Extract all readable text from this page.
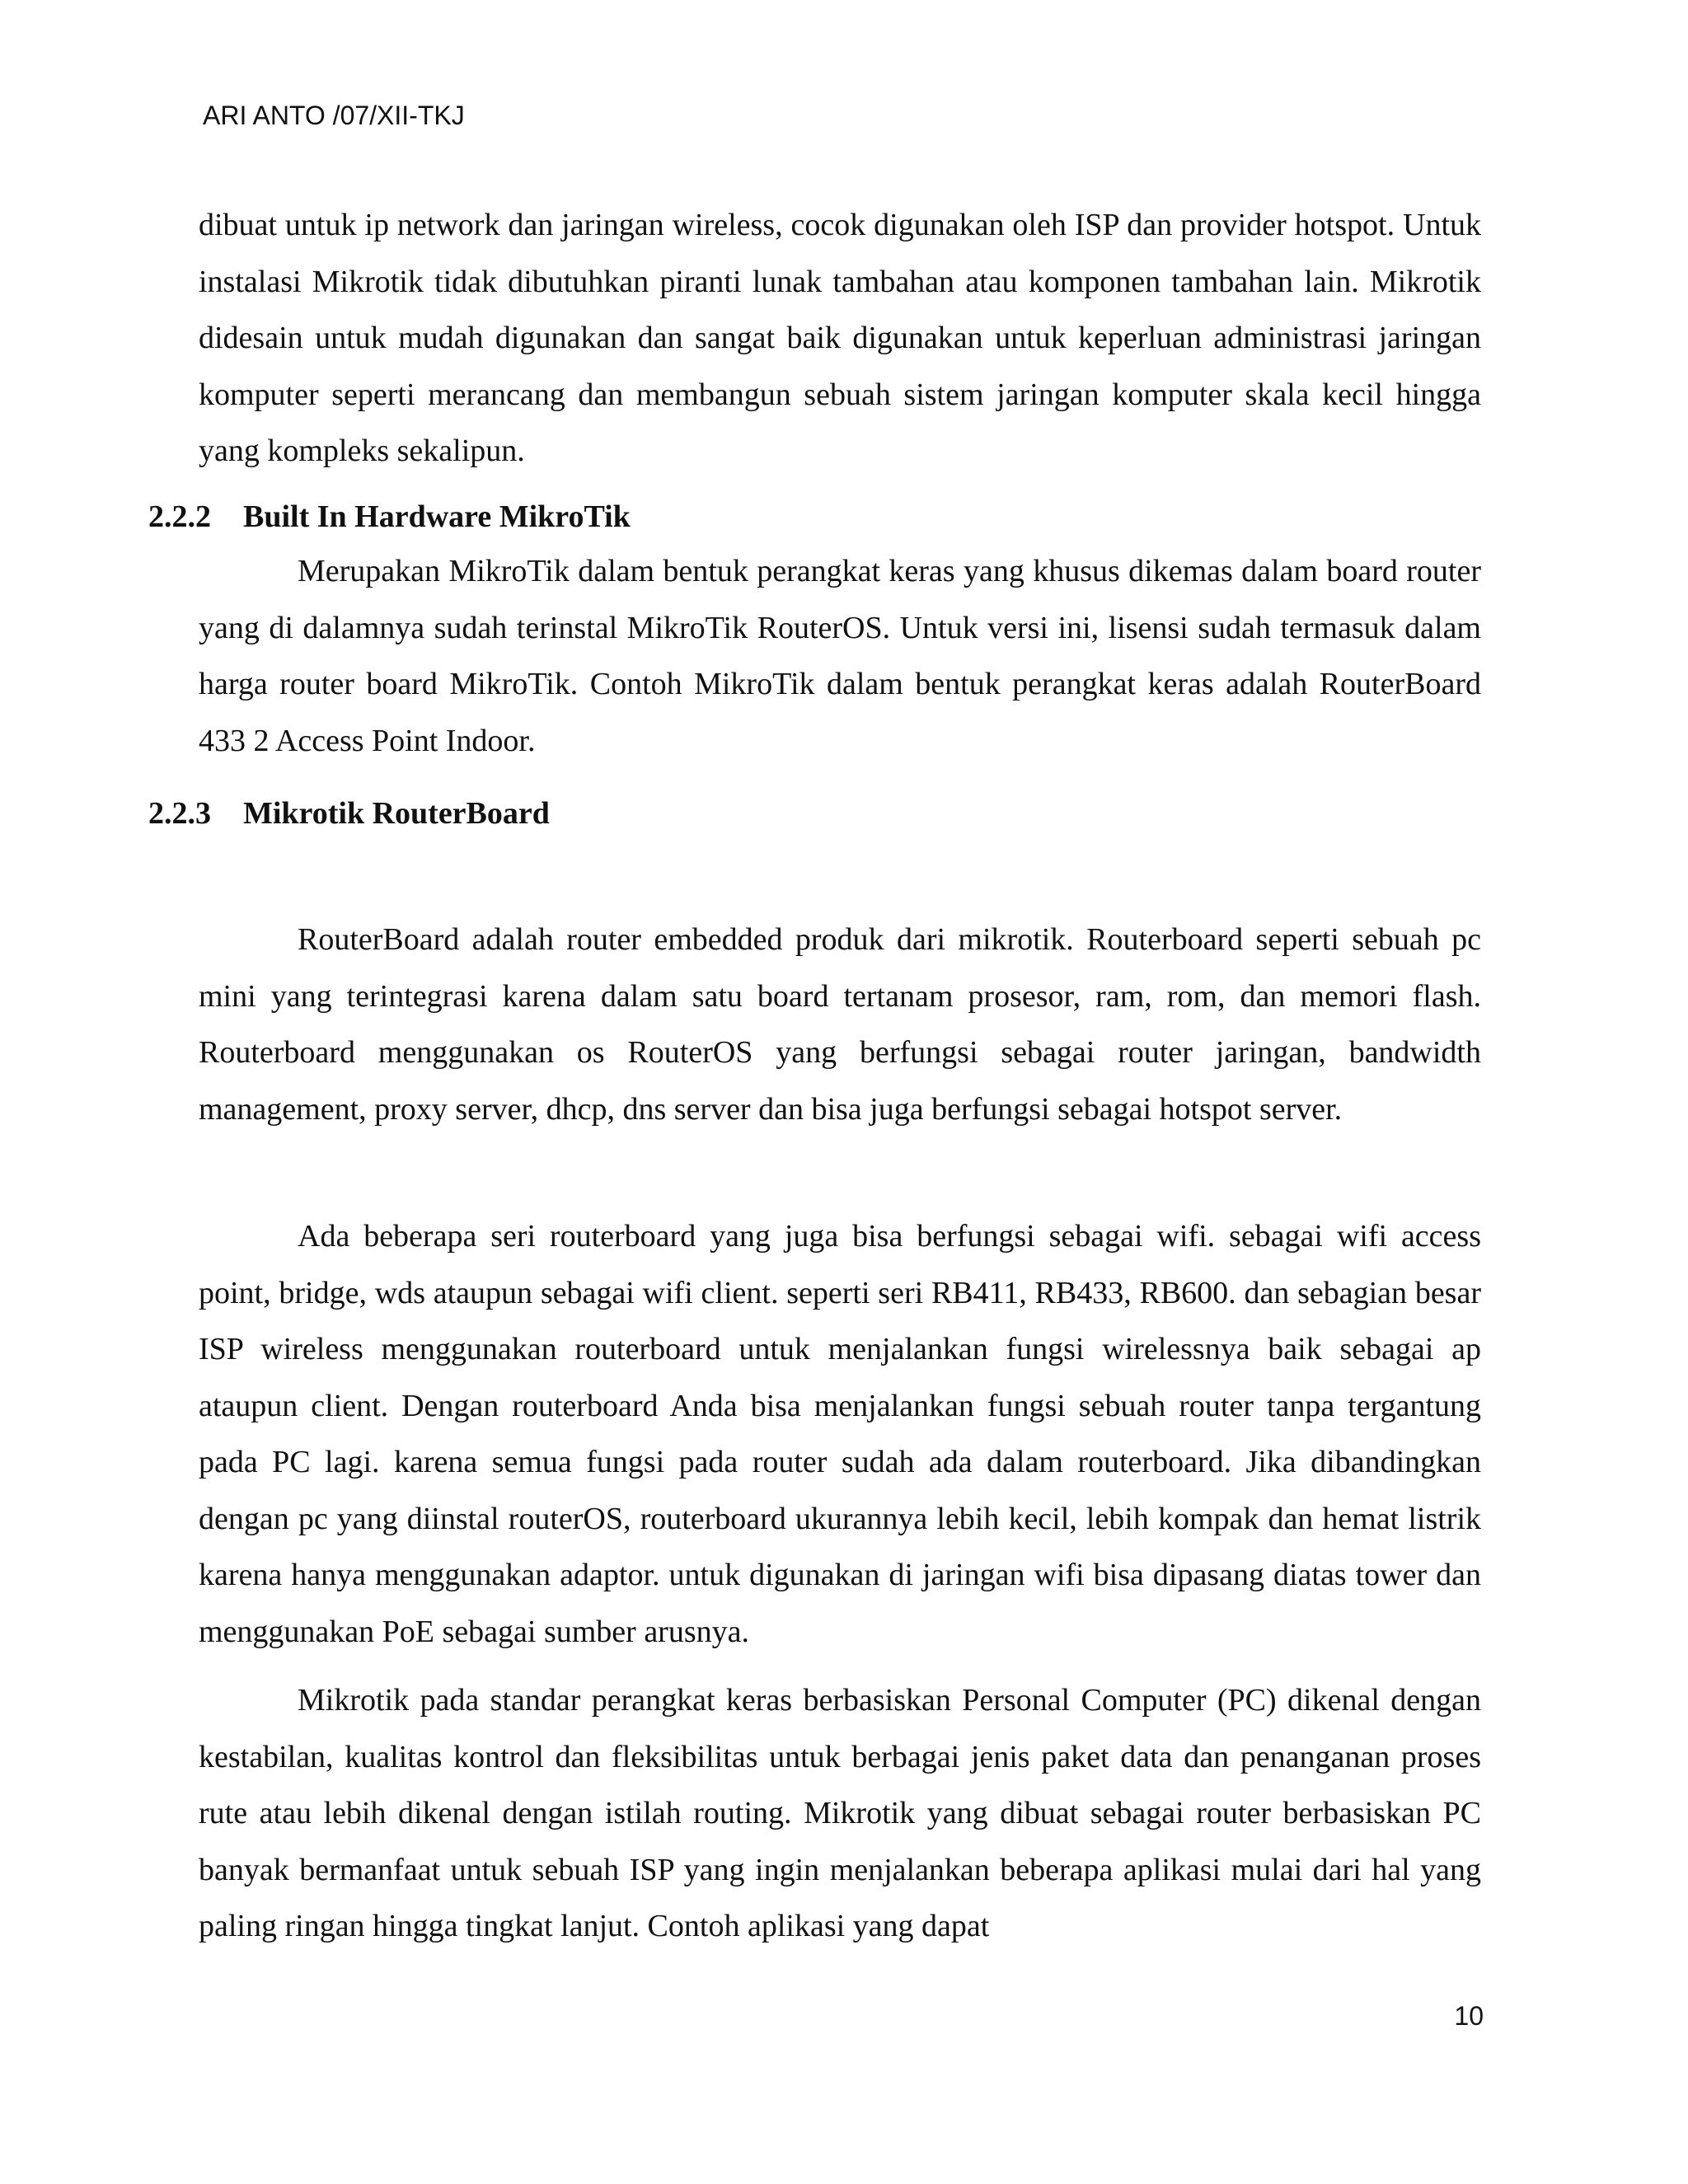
ARI ANTO /07/XII-TKJ

dibuat untuk ip network dan jaringan wireless, cocok digunakan oleh ISP dan provider hotspot. Untuk instalasi Mikrotik tidak dibutuhkan piranti lunak tambahan atau komponen tambahan lain. Mikrotik didesain untuk mudah digunakan dan sangat baik digunakan untuk keperluan administrasi jaringan komputer seperti merancang dan membangun sebuah sistem jaringan komputer skala kecil hingga yang kompleks sekalipun.

2.2.2 Built In Hardware MikroTik

Merupakan MikroTik dalam bentuk perangkat keras yang khusus dikemas dalam board router yang di dalamnya sudah terinstal MikroTik RouterOS. Untuk versi ini, lisensi sudah termasuk dalam harga router board MikroTik. Contoh MikroTik dalam bentuk perangkat keras adalah RouterBoard 433 2 Access Point Indoor.

2.2.3 Mikrotik RouterBoard

RouterBoard adalah router embedded produk dari mikrotik. Routerboard seperti sebuah pc mini yang terintegrasi karena dalam satu board tertanam prosesor, ram, rom, dan memori flash. Routerboard menggunakan os RouterOS yang berfungsi sebagai router jaringan, bandwidth management, proxy server, dhcp, dns server dan bisa juga berfungsi sebagai hotspot server.

Ada beberapa seri routerboard yang juga bisa berfungsi sebagai wifi. sebagai wifi access point, bridge, wds ataupun sebagai wifi client. seperti seri RB411, RB433, RB600. dan sebagian besar ISP wireless menggunakan routerboard untuk menjalankan fungsi wirelessnya baik sebagai ap ataupun client. Dengan routerboard Anda bisa menjalankan fungsi sebuah router tanpa tergantung pada PC lagi. karena semua fungsi pada router sudah ada dalam routerboard. Jika dibandingkan dengan pc yang diinstal routerOS, routerboard ukurannya lebih kecil, lebih kompak dan hemat listrik karena hanya menggunakan adaptor. untuk digunakan di jaringan wifi bisa dipasang diatas tower dan menggunakan PoE sebagai sumber arusnya.

Mikrotik pada standar perangkat keras berbasiskan Personal Computer (PC) dikenal dengan kestabilan, kualitas kontrol dan fleksibilitas untuk berbagai jenis paket data dan penanganan proses rute atau lebih dikenal dengan istilah routing. Mikrotik yang dibuat sebagai router berbasiskan PC banyak bermanfaat untuk sebuah ISP yang ingin menjalankan beberapa aplikasi mulai dari hal yang paling ringan hingga tingkat lanjut. Contoh aplikasi yang dapat

10
